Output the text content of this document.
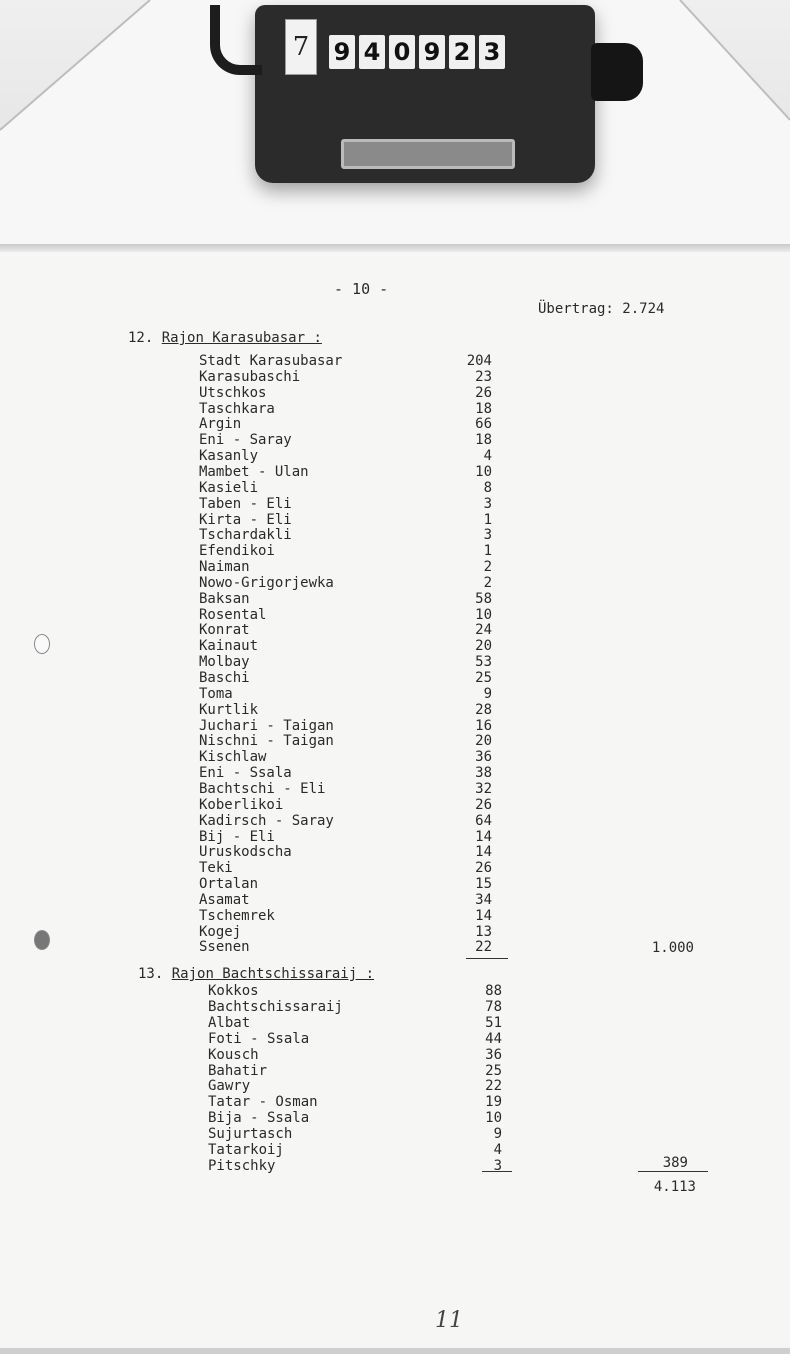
7	9 4 0 9 2 3
- 10 -
Übertrag: 2.724
12. Rajon Karasubasar :
Stadt Karasubasar	204
Karasubaschi	23
Utschkos	26
Taschkara	18
Argin	66
Eni - Saray	18
Kasanly	4
Mambet - Ulan	10
Kasieli	8
Taben - Eli	3
Kirta - Eli	1
Tschardakli	3
Efendikoi	1
Naiman	2
Nowo-Grigorjewka	2
Baksan	58
Rosental	10
Konrat	24
Kainaut	20
Molbay	53
Baschi	25
Toma	9
Kurtlik	28
Juchari - Taigan	16
Nischni - Taigan	20
Kischlaw	36
Eni - Ssala	38
Bachtschi - Eli	32
Koberlikoi	26
Kadirsch - Saray	64
Bij - Eli	14
Uruskodscha	14
Teki	26
Ortalan	15
Asamat	34
Tschemrek	14
Kogej	13
Ssenen	22	1.000
13. Rajon Bachtschissaraij :
Kokkos	88
Bachtschissaraij	78
Albat	51
Foti - Ssala	44
Kousch	36
Bahatir	25
Gawry	22
Tatar - Osman	19
Bija - Ssala	10
Sujurtasch	9
Tatarkoij	4
Pitschky	3	389
4.113
11
